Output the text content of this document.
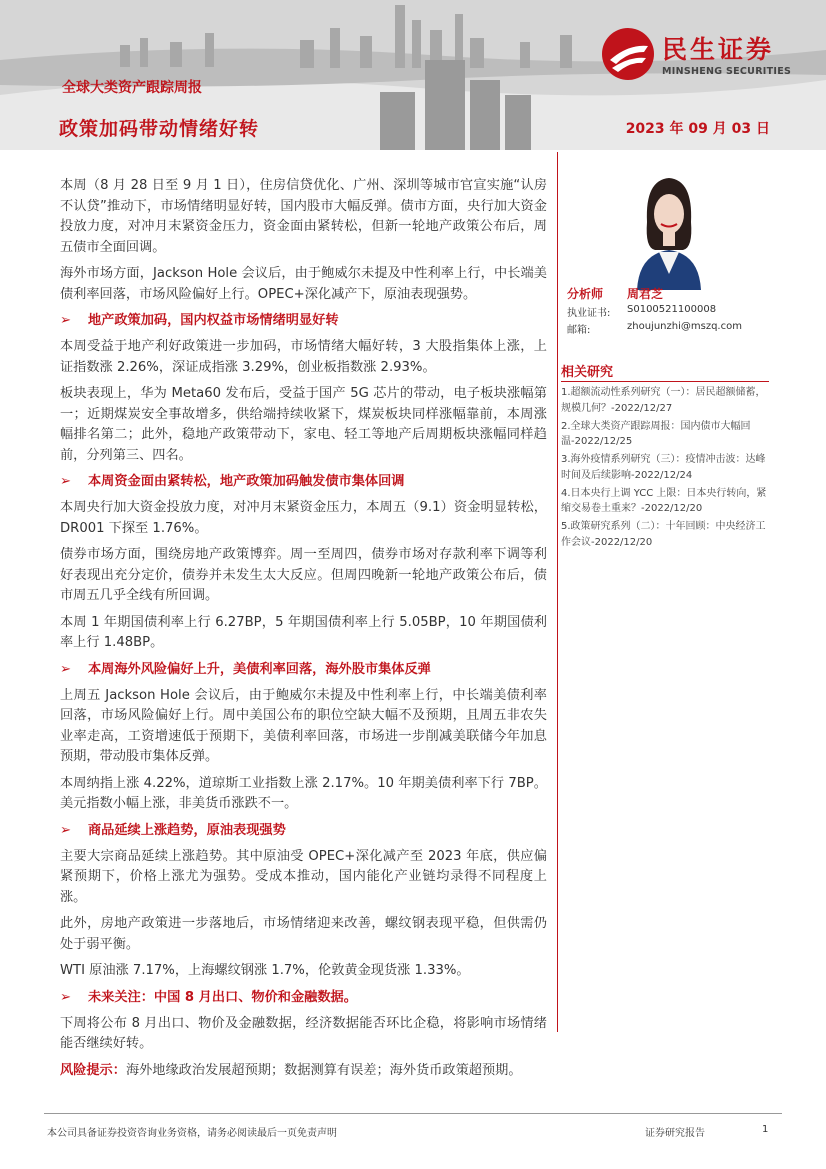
全球大类资产跟踪周报
政策加码带动情绪好转	2023 年 09 月 03 日
民生证券
MINSHENG SECURITIES

本周（8 月 28 日至 9 月 1 日），住房信贷优化、广州、深圳等城市官宣实施“认房不认贷”推动下，市场情绪明显好转，国内股市大幅反弹。债市方面，央行加大资金投放力度，对冲月末紧资金压力，资金面由紧转松，但新一轮地产政策公布后，周五债市全面回调。

海外市场方面，Jackson Hole 会议后，由于鲍威尔未提及中性利率上行，中长端美债利率回落，市场风险偏好上行。OPEC+深化减产下，原油表现强势。

➢	地产政策加码，国内权益市场情绪明显好转

本周受益于地产利好政策进一步加码，市场情绪大幅好转，3 大股指集体上涨，上证指数涨 2.26%，深证成指涨 3.29%，创业板指数涨 2.93%。

板块表现上，华为 Meta60 发布后，受益于国产 5G 芯片的带动，电子板块涨幅第一；近期煤炭安全事故增多，供给端持续收紧下，煤炭板块同样涨幅靠前，本周涨幅排名第二；此外，稳地产政策带动下，家电、轻工等地产后周期板块涨幅同样趋前，分列第三、四名。

➢	本周资金面由紧转松，地产政策加码触发债市集体回调

本周央行加大资金投放力度，对冲月末紧资金压力，本周五（9.1）资金明显转松，DR001 下探至 1.76%。

债券市场方面，围绕房地产政策博弈。周一至周四，债券市场对存款利率下调等利好表现出充分定价，债券并未发生太大反应。但周四晚新一轮地产政策公布后，债市周五几乎全线有所回调。

本周 1 年期国债利率上行 6.27BP，5 年期国债利率上行 5.05BP，10 年期国债利率上行 1.48BP。

➢	本周海外风险偏好上升，美债利率回落，海外股市集体反弹

上周五 Jackson Hole 会议后，由于鲍威尔未提及中性利率上行，中长端美债利率回落，市场风险偏好上行。周中美国公布的职位空缺大幅不及预期，且周五非农失业率走高，工资增速低于预期下，美债利率回落，市场进一步削减美联储今年加息预期，带动股市集体反弹。

本周纳指上涨 4.22%，道琼斯工业指数上涨 2.17%。10 年期美债利率下行 7BP。美元指数小幅上涨，非美货币涨跌不一。

➢	商品延续上涨趋势，原油表现强势

主要大宗商品延续上涨趋势。其中原油受 OPEC+深化减产至 2023 年底，供应偏紧预期下，价格上涨尤为强势。受成本推动，国内能化产业链均录得不同程度上涨。

此外，房地产政策进一步落地后，市场情绪迎来改善，螺纹钢表现平稳，但供需仍处于弱平衡。

WTI 原油涨 7.17%，上海螺纹钢涨 1.7%，伦敦黄金现货涨 1.33%。

➢	未来关注：中国 8 月出口、物价和金融数据。

下周将公布 8 月出口、物价及金融数据，经济数据能否环比企稳，将影响市场情绪能否继续好转。

风险提示：海外地缘政治发展超预期；数据测算有误差；海外货币政策超预期。

分析师 周君芝
执业证书: S0100521100008
邮箱:	zhoujunzhi@mszq.com
相关研究
1.超额流动性系列研究（一）：居民超额储蓄，规模几何？-2022/12/27
2.全球大类资产跟踪周报：国内债市大幅回温-2022/12/25
3.海外疫情系列研究（三）：疫情冲击波：达峰时间及后续影响-2022/12/24
4.日本央行上调 YCC 上限：日本央行转向，紧缩交易卷土重来？-2022/12/20
5.政策研究系列（二）：十年回顾：中央经济工作会议-2022/12/20
本公司具备证券投资咨询业务资格，请务必阅读最后一页免责声明	证券研究报告	1
